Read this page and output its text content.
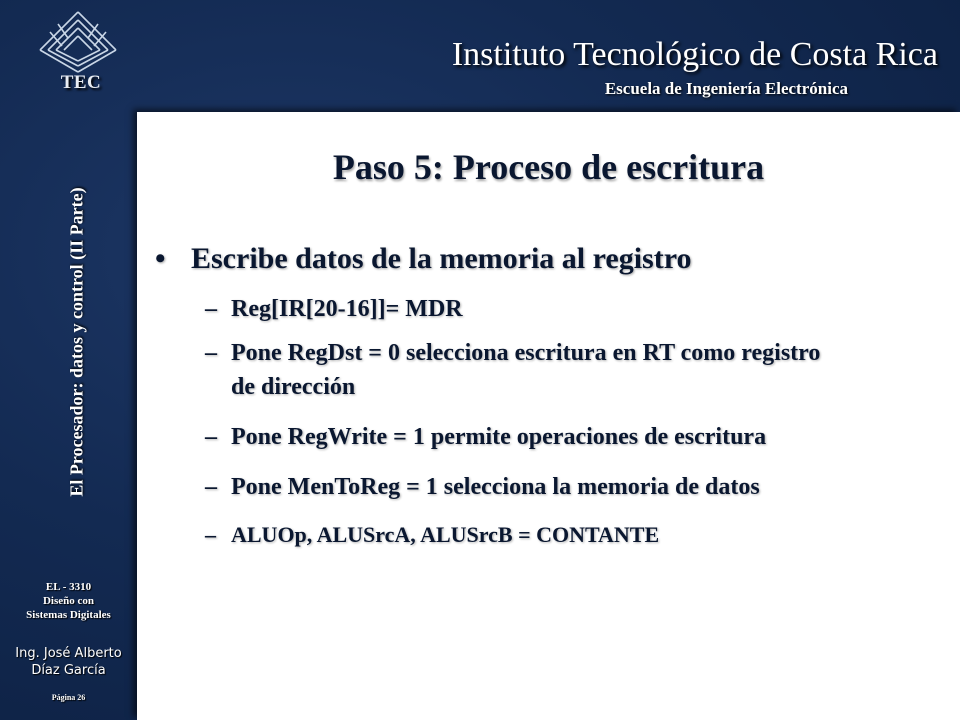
TEC
Instituto Tecnológico de Costa Rica
Escuela de Ingeniería Electrónica
El Procesador: datos y control (II Parte)
EL - 3310
Diseño con
Sistemas Digitales
Ing. José Alberto
Díaz García
Página 26
Paso 5: Proceso de escritura
• Escribe datos de la memoria al registro
– Reg[IR[20-16]]= MDR
– Pone RegDst = 0 selecciona escritura en RT como registro de dirección
– Pone RegWrite = 1 permite operaciones de escritura
– Pone MenToReg = 1 selecciona la memoria de datos
– ALUOp, ALUSrcA, ALUSrcB = CONTANTE
